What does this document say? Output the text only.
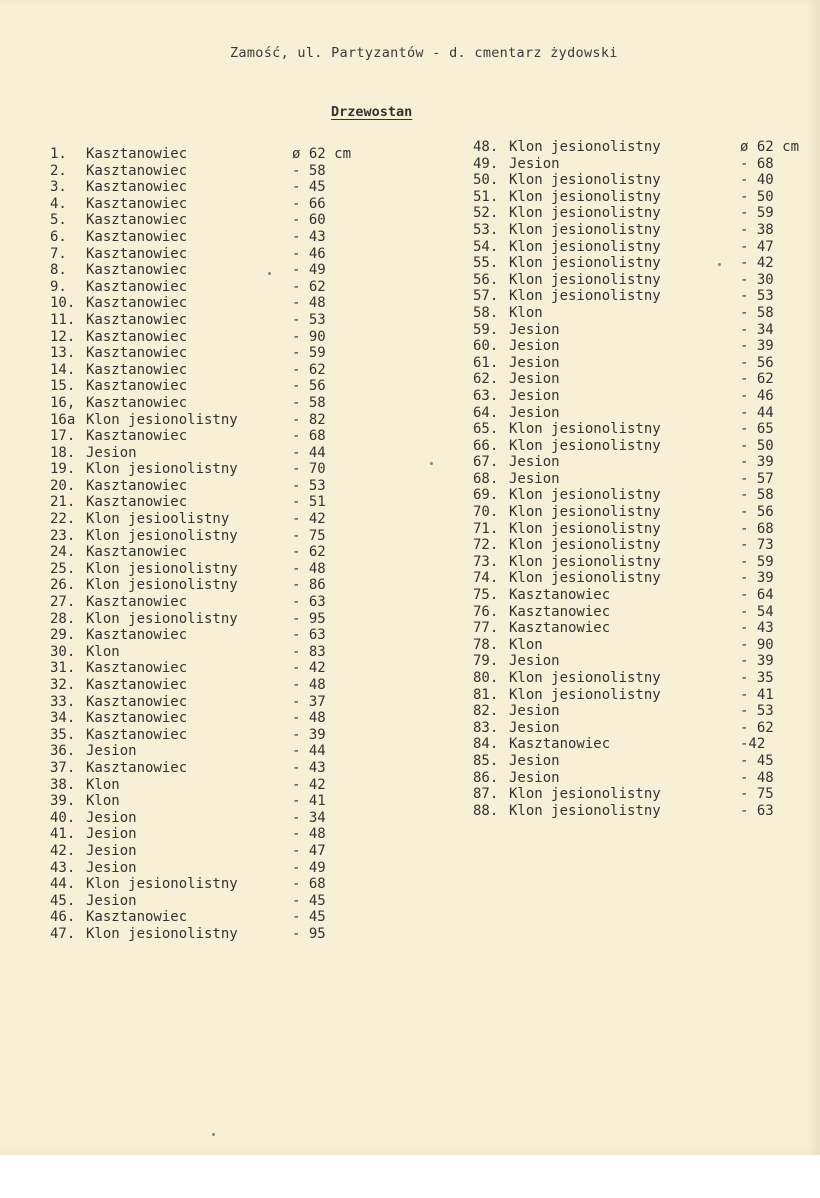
Zamość, ul. Partyzantów - d. cmentarz żydowski
Drzewostan
1.	Kasztanowiec	ø 62 cm
2.	Kasztanowiec	- 58
3.	Kasztanowiec	- 45
4.	Kasztanowiec	- 66
5.	Kasztanowiec	- 60
6.	Kasztanowiec	- 43
7.	Kasztanowiec	- 46
8.	Kasztanowiec	- 49
9.	Kasztanowiec	- 62
10. Kasztanowiec	- 48
11. Kasztanowiec	- 53
12. Kasztanowiec	- 90
13. Kasztanowiec	- 59
14. Kasztanowiec	- 62
15. Kasztanowiec	- 56
16, Kasztanowiec	- 58
16a Klon jesionolistny	- 82
17. Kasztanowiec	- 68
18. Jesion	- 44
19. Klon jesionolistny	- 70
20. Kasztanowiec	- 53
21. Kasztanowiec	- 51
22. Klon jesioolistny	- 42
23. Klon jesionolistny	- 75
24. Kasztanowiec	- 62
25. Klon jesionolistny	- 48
26. Klon jesionolistny	- 86
27. Kasztanowiec	- 63
28. Klon jesionolistny	- 95
29. Kasztanowiec	- 63
30. Klon	- 83
31. Kasztanowiec	- 42
32. Kasztanowiec	- 48
33. Kasztanowiec	- 37
34. Kasztanowiec	- 48
35. Kasztanowiec	- 39
36. Jesion	- 44
37. Kasztanowiec	- 43
38. Klon	- 42
39. Klon	- 41
40. Jesion	- 34
41. Jesion	- 48
42. Jesion	- 47
43. Jesion	- 49
44. Klon jesionolistny	- 68
45. Jesion	- 45
46. Kasztanowiec	- 45
47. Klon jesionolistny	- 95
48. Klon jesionolistny	ø 62 cm
49. Jesion	- 68
50. Klon jesionolistny	- 40
51. Klon jesionolistny	- 50
52. Klon jesionolistny	- 59
53. Klon jesionolistny	- 38
54. Klon jesionolistny	- 47
55. Klon jesionolistny	- 42
56. Klon jesionolistny	- 30
57. Klon jesionolistny	- 53
58. Klon	- 58
59. Jesion	- 34
60. Jesion	- 39
61. Jesion	- 56
62. Jesion	- 62
63. Jesion	- 46
64. Jesion	- 44
65. Klon jesionolistny	- 65
66. Klon jesionolistny	- 50
67. Jesion	- 39
68. Jesion	- 57
69. Klon jesionolistny	- 58
70. Klon jesionolistny	- 56
71. Klon jesionolistny	- 68
72. Klon jesionolistny	- 73
73. Klon jesionolistny	- 59
74. Klon jesionolistny	- 39
75. Kasztanowiec	- 64
76. Kasztanowiec	- 54
77. Kasztanowiec	- 43
78. Klon	- 90
79. Jesion	- 39
80. Klon jesionolistny	- 35
81. Klon jesionolistny	- 41
82. Jesion	- 53
83. Jesion	- 62
84. Kasztanowiec	-42
85. Jesion	- 45
86. Jesion	- 48
87. Klon jesionolistny	- 75
88. Klon jesionolistny	- 63
